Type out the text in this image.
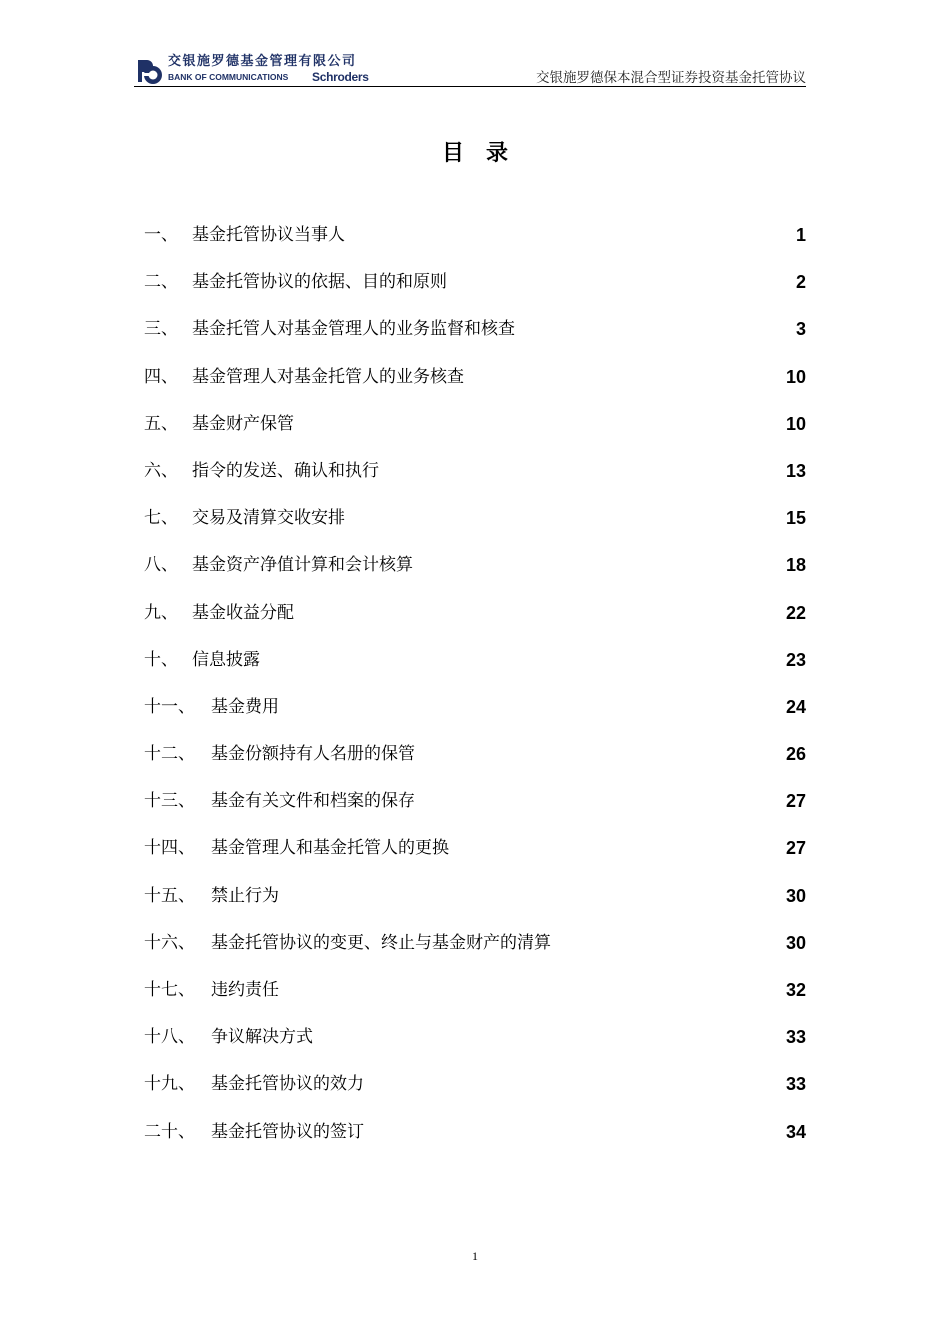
交银施罗德基金管理有限公司
BANK OF COMMUNICATIONS Schroders	交银施罗德保本混合型证券投资基金托管协议
目录
一、 基金托管协议当事人	1
二、 基金托管协议的依据、目的和原则	2
三、 基金托管人对基金管理人的业务监督和核查	3
四、 基金管理人对基金托管人的业务核查	10
五、 基金财产保管	10
六、 指令的发送、确认和执行	13
七、 交易及清算交收安排	15
八、 基金资产净值计算和会计核算	18
九、 基金收益分配	22
十、 信息披露	23
十一、 基金费用	24
十二、 基金份额持有人名册的保管	26
十三、 基金有关文件和档案的保存	27
十四、 基金管理人和基金托管人的更换	27
十五、 禁止行为	30
十六、 基金托管协议的变更、终止与基金财产的清算	30
十七、 违约责任	32
十八、 争议解决方式	33
十九、 基金托管协议的效力	33
二十、 基金托管协议的签订	34
1
